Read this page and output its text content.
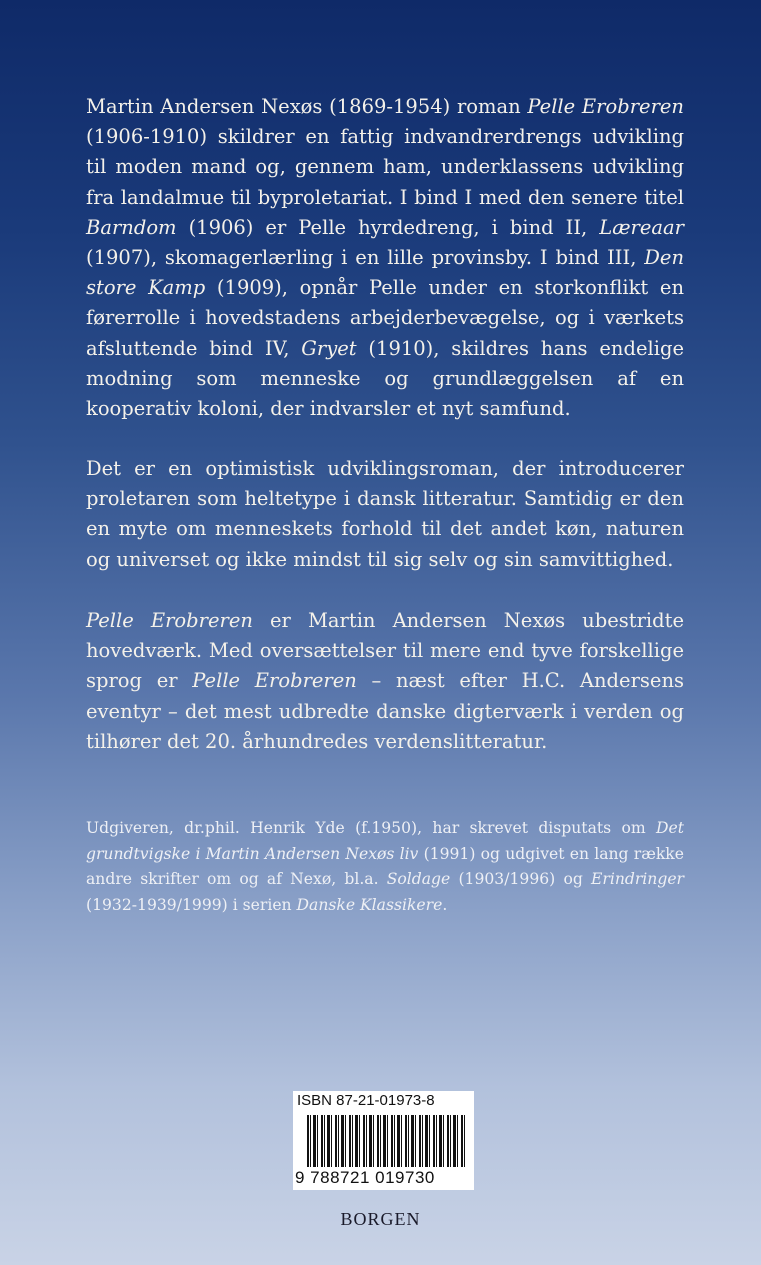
Martin Andersen Nexøs (1869-1954) roman Pelle Erobreren (1906-1910) skildrer en fattig indvandrerdrengs udvikling til moden mand og, gennem ham, underklassens udvikling fra landalmue til byproletariat. I bind I med den senere titel Barndom (1906) er Pelle hyrdedreng, i bind II, Læreaar (1907), skomagerlærling i en lille provinsby. I bind III, Den store Kamp (1909), opnår Pelle under en storkonflikt en førerrolle i hovedstadens arbejderbevægelse, og i værkets afsluttende bind IV, Gryet (1910), skildres hans endelige modning som menneske og grundlæggelsen af en kooperativ koloni, der indvarsler et nyt samfund.

Det er en optimistisk udviklingsroman, der introducerer proletaren som heltetype i dansk litteratur. Samtidig er den en myte om menneskets forhold til det andet køn, naturen og universet og ikke mindst til sig selv og sin samvittighed.

Pelle Erobreren er Martin Andersen Nexøs ubestridte hovedværk. Med oversættelser til mere end tyve forskellige sprog er Pelle Erobreren – næst efter H.C. Andersens eventyr – det mest udbredte danske digterværk i verden og tilhører det 20. århundredes verdenslitteratur.

Udgiveren, dr.phil. Henrik Yde (f.1950), har skrevet disputats om Det grundtvigske i Martin Andersen Nexøs liv (1991) og udgivet en lang række andre skrifter om og af Nexø, bl.a. Soldage (1903/1996) og Erindringer (1932-1939/1999) i serien Danske Klassikere.

ISBN 87-21-01973-8
9 788721 019730
BORGEN
